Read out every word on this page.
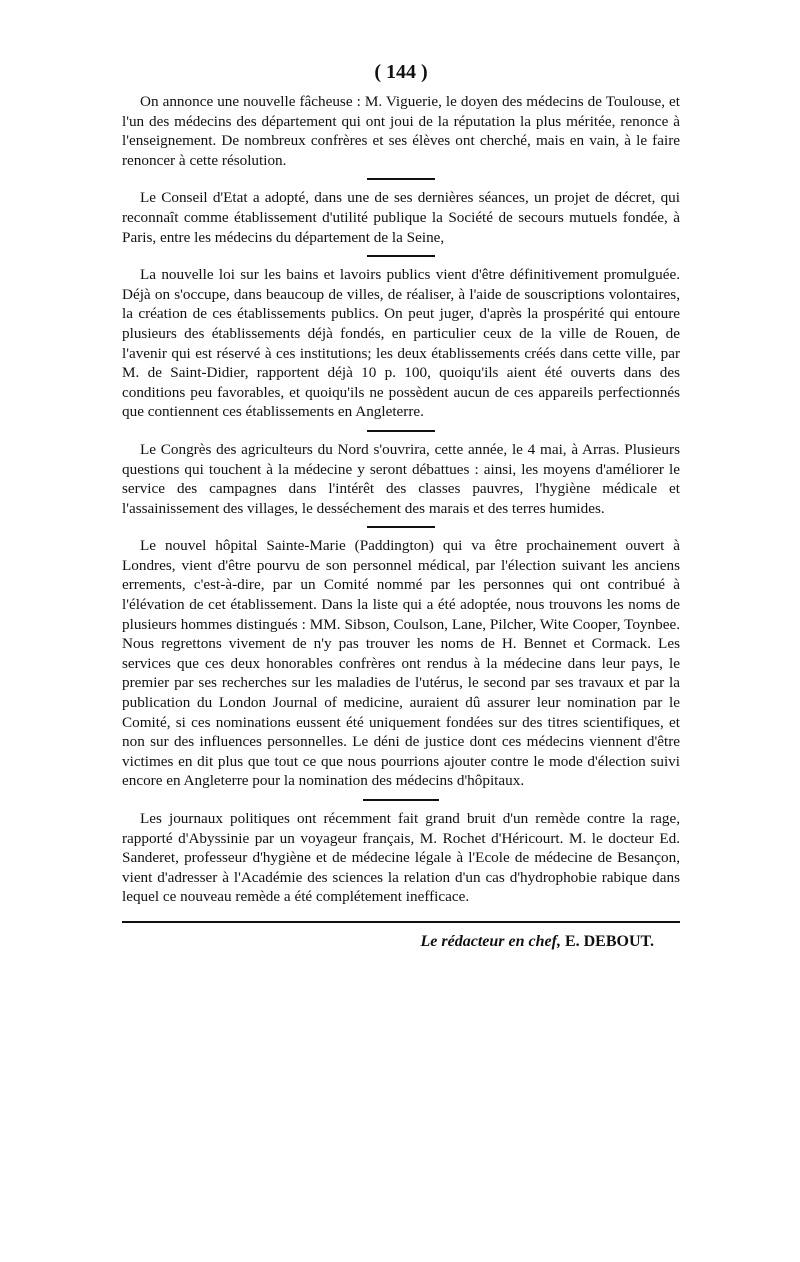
( 144 )

On annonce une nouvelle fâcheuse : M. Viguerie, le doyen des médecins de Toulouse, et l'un des médecins des département qui ont joui de la réputation la plus méritée, renonce à l'enseignement. De nombreux confrères et ses élèves ont cherché, mais en vain, à le faire renoncer à cette résolution.

Le Conseil d'Etat a adopté, dans une de ses dernières séances, un projet de décret, qui reconnaît comme établissement d'utilité publique la Société de secours mutuels fondée, à Paris, entre les médecins du département de la Seine,

La nouvelle loi sur les bains et lavoirs publics vient d'être définitivement promulguée. Déjà on s'occupe, dans beaucoup de villes, de réaliser, à l'aide de souscriptions volontaires, la création de ces établissements publics. On peut juger, d'après la prospérité qui entoure plusieurs des établissements déjà fondés, en particulier ceux de la ville de Rouen, de l'avenir qui est réservé à ces institutions; les deux établissements créés dans cette ville, par M. de Saint-Didier, rapportent déjà 10 p. 100, quoiqu'ils aient été ouverts dans des conditions peu favorables, et quoiqu'ils ne possèdent aucun de ces appareils perfectionnés que contiennent ces établissements en Angleterre.

Le Congrès des agriculteurs du Nord s'ouvrira, cette année, le 4 mai, à Arras. Plusieurs questions qui touchent à la médecine y seront débattues : ainsi, les moyens d'améliorer le service des campagnes dans l'intérêt des classes pauvres, l'hygiène médicale et l'assainissement des villages, le desséchement des marais et des terres humides.

Le nouvel hôpital Sainte-Marie (Paddington) qui va être prochainement ouvert à Londres, vient d'être pourvu de son personnel médical, par l'élection suivant les anciens errements, c'est-à-dire, par un Comité nommé par les personnes qui ont contribué à l'élévation de cet établissement. Dans la liste qui a été adoptée, nous trouvons les noms de plusieurs hommes distingués : MM. Sibson, Coulson, Lane, Pilcher, Wite Cooper, Toynbee. Nous regrettons vivement de n'y pas trouver les noms de H. Bennet et Cormack. Les services que ces deux honorables confrères ont rendus à la médecine dans leur pays, le premier par ses recherches sur les maladies de l'utérus, le second par ses travaux et par la publication du London Journal of medicine, auraient dû assurer leur nomination par le Comité, si ces nominations eussent été uniquement fondées sur des titres scientifiques, et non sur des influences personnelles. Le déni de justice dont ces médecins viennent d'être victimes en dit plus que tout ce que nous pourrions ajouter contre le mode d'élection suivi encore en Angleterre pour la nomination des médecins d'hôpitaux.

Les journaux politiques ont récemment fait grand bruit d'un remède contre la rage, rapporté d'Abyssinie par un voyageur français, M. Rochet d'Héricourt. M. le docteur Ed. Sanderet, professeur d'hygiène et de médecine légale à l'Ecole de médecine de Besançon, vient d'adresser à l'Académie des sciences la relation d'un cas d'hydrophobie rabique dans lequel ce nouveau remède a été complétement inefficace.

Le rédacteur en chef, E. DEBOUT.
